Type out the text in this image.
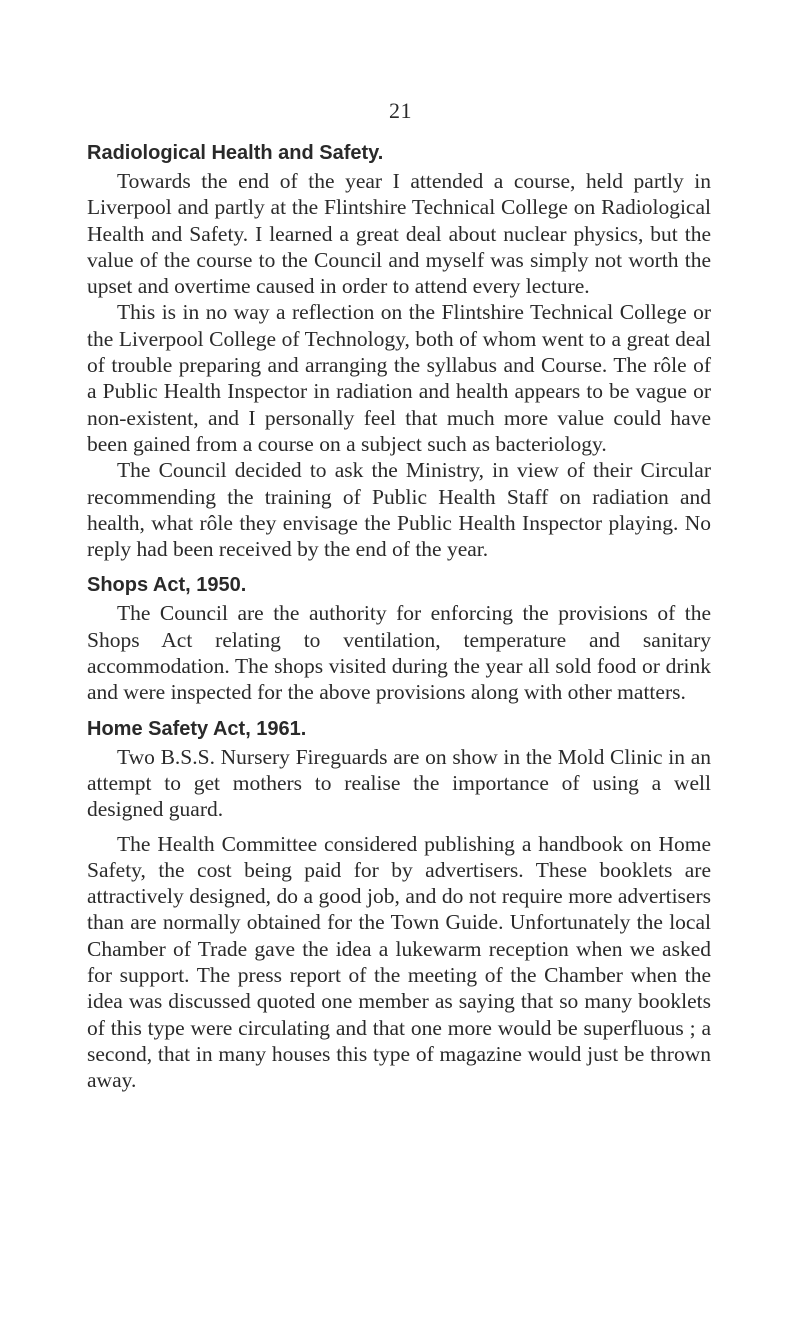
21
Radiological Health and Safety.

Towards the end of the year I attended a course, held partly in Liverpool and partly at the Flintshire Technical College on Radiological Health and Safety. I learned a great deal about nuclear physics, but the value of the course to the Council and myself was simply not worth the upset and overtime caused in order to attend every lecture.

This is in no way a reflection on the Flintshire Technical College or the Liverpool College of Technology, both of whom went to a great deal of trouble preparing and arranging the syllabus and Course. The rôle of a Public Health Inspector in radiation and health appears to be vague or non-existent, and I personally feel that much more value could have been gained from a course on a subject such as bacteriology.

The Council decided to ask the Ministry, in view of their Circular recommending the training of Public Health Staff on radiation and health, what rôle they envisage the Public Health Inspector playing. No reply had been received by the end of the year.

Shops Act, 1950.

The Council are the authority for enforcing the provisions of the Shops Act relating to ventilation, temperature and sanitary accommodation. The shops visited during the year all sold food or drink and were inspected for the above provisions along with other matters.

Home Safety Act, 1961.

Two B.S.S. Nursery Fireguards are on show in the Mold Clinic in an attempt to get mothers to realise the importance of using a well designed guard.

The Health Committee considered publishing a handbook on Home Safety, the cost being paid for by advertisers. These booklets are attractively designed, do a good job, and do not require more advertisers than are normally obtained for the Town Guide. Unfortunately the local Chamber of Trade gave the idea a lukewarm reception when we asked for support. The press report of the meeting of the Chamber when the idea was discussed quoted one member as saying that so many booklets of this type were circulating and that one more would be superfluous ; a second, that in many houses this type of magazine would just be thrown away.
